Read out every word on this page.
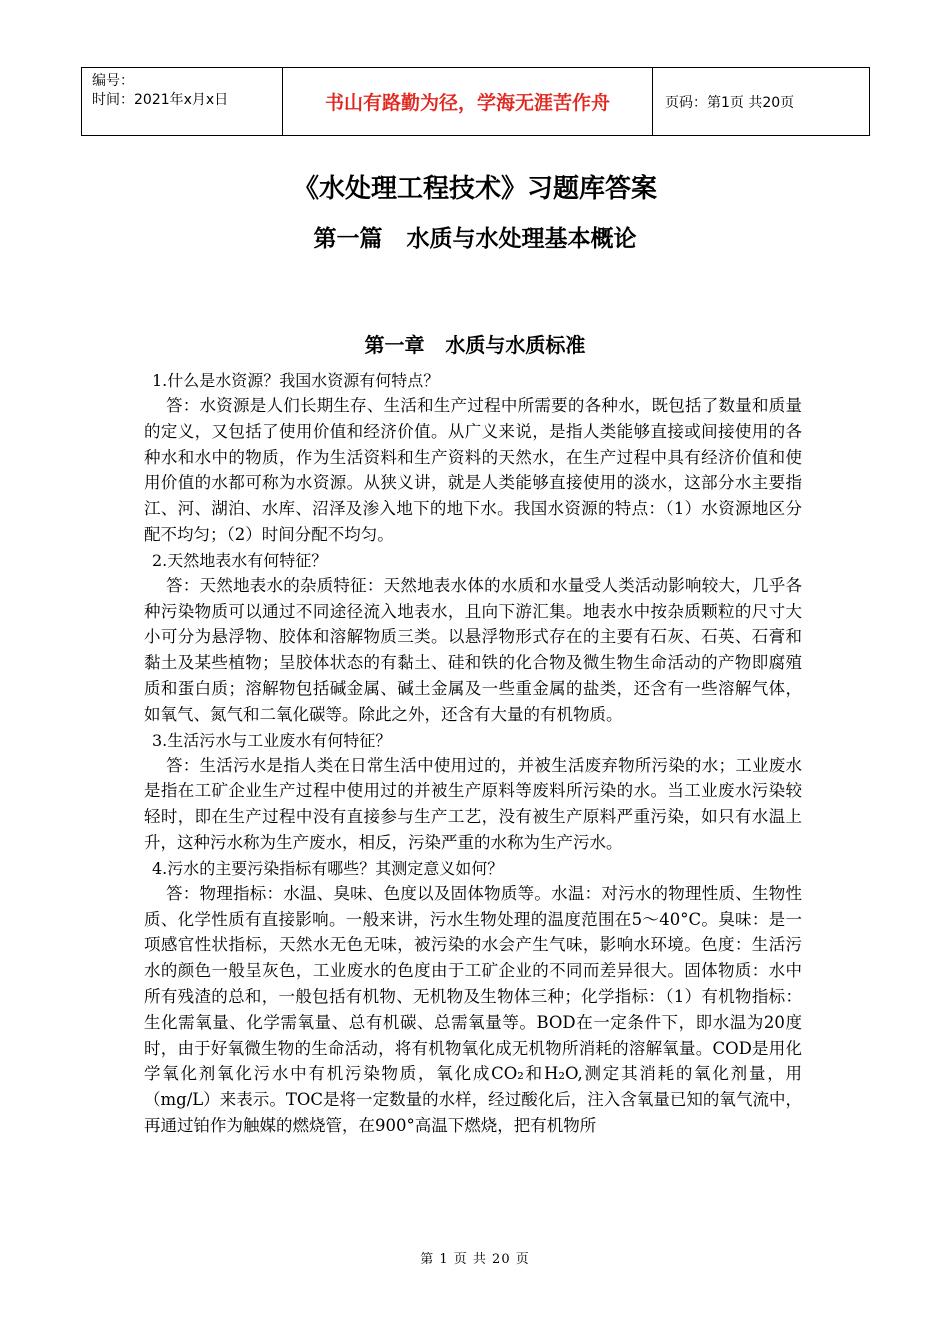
编号：
时间：2021年x月x日	书山有路勤为径，学海无涯苦作舟	页码：第1页 共20页
《水处理工程技术》习题库答案
第一篇   水质与水处理基本概论
第一章   水质与水质标准

1.什么是水资源？我国水资源有何特点？

答：水资源是人们长期生存、生活和生产过程中所需要的各种水，既包括了数量和质量的定义，又包括了使用价值和经济价值。从广义来说，是指人类能够直接或间接使用的各种水和水中的物质，作为生活资料和生产资料的天然水，在生产过程中具有经济价值和使用价值的水都可称为水资源。从狭义讲，就是人类能够直接使用的淡水，这部分水主要指江、河、湖泊、水库、沼泽及渗入地下的地下水。我国水资源的特点：（1）水资源地区分配不均匀；（2）时间分配不均匀。

2.天然地表水有何特征？

答：天然地表水的杂质特征：天然地表水体的水质和水量受人类活动影响较大，几乎各种污染物质可以通过不同途径流入地表水，且向下游汇集。地表水中按杂质颗粒的尺寸大小可分为悬浮物、胶体和溶解物质三类。以悬浮物形式存在的主要有石灰、石英、石膏和黏土及某些植物；呈胶体状态的有黏土、硅和铁的化合物及微生物生命活动的产物即腐殖质和蛋白质；溶解物包括碱金属、碱土金属及一些重金属的盐类，还含有一些溶解气体，如氧气、氮气和二氧化碳等。除此之外，还含有大量的有机物质。

3.生活污水与工业废水有何特征？

答：生活污水是指人类在日常生活中使用过的，并被生活废弃物所污染的水；工业废水是指在工矿企业生产过程中使用过的并被生产原料等废料所污染的水。当工业废水污染较轻时，即在生产过程中没有直接参与生产工艺，没有被生产原料严重污染，如只有水温上升，这种污水称为生产废水，相反，污染严重的水称为生产污水。

4.污水的主要污染指标有哪些？其测定意义如何？

答：物理指标：水温、臭味、色度以及固体物质等。水温：对污水的物理性质、生物性质、化学性质有直接影响。一般来讲，污水生物处理的温度范围在5～40°C。臭味：是一项感官性状指标，天然水无色无味，被污染的水会产生气味，影响水环境。色度：生活污水的颜色一般呈灰色，工业废水的色度由于工矿企业的不同而差异很大。固体物质：水中所有残渣的总和，一般包括有机物、无机物及生物体三种；化学指标：（1）有机物指标：生化需氧量、化学需氧量、总有机碳、总需氧量等。BOD在一定条件下，即水温为20度时，由于好氧微生物的生命活动，将有机物氧化成无机物所消耗的溶解氧量。COD是用化学氧化剂氧化污水中有机污染物质，氧化成CO₂和H₂O,测定其消耗的氧化剂量，用（mg/L）来表示。TOC是将一定数量的水样，经过酸化后，注入含氧量已知的氧气流中，再通过铂作为触媒的燃烧管，在900°高温下燃烧，把有机物所

第 1 页 共 20 页
